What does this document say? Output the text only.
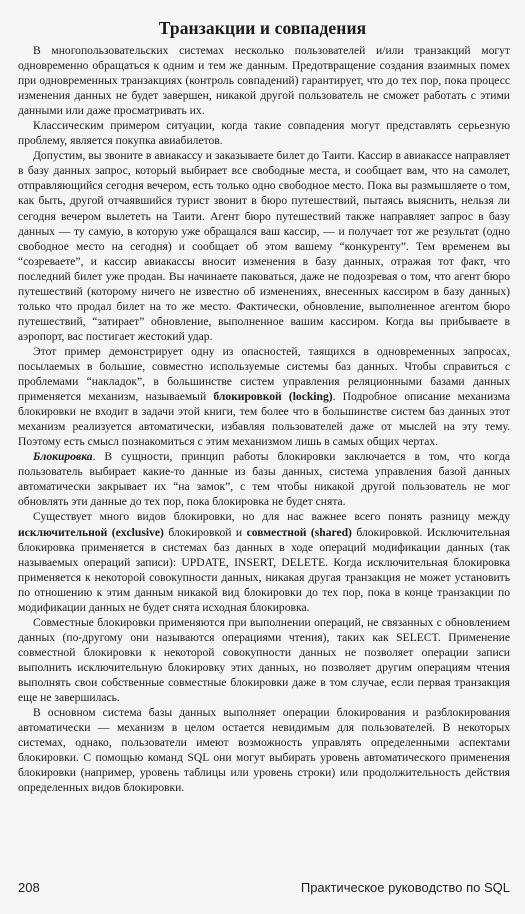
Транзакции и совпадения

В многопользовательских системах несколько пользователей и/или транзакций могут одновременно обращаться к одним и тем же данным. Предотвращение создания взаимных помех при одновременных транзакциях (контроль совпадений) гарантирует, что до тех пор, пока процесс изменения данных не будет завершен, никакой другой пользователь не сможет работать с этими данными или даже просматривать их.

Классическим примером ситуации, когда такие совпадения могут представлять серьезную проблему, является покупка авиабилетов.

Допустим, вы звоните в авиакассу и заказываете билет до Таити. Кассир в авиакассе направляет в базу данных запрос, который выбирает все свободные места, и сообщает вам, что на самолет, отправляющийся сегодня вечером, есть только одно свободное место. Пока вы размышляете о том, как быть, другой отчаявшийся турист звонит в бюро путешествий, пытаясь выяснить, нельзя ли сегодня вечером вылететь на Таити. Агент бюро путешествий также направляет запрос в базу данных — ту самую, в которую уже обращался ваш кассир, — и получает тот же результат (одно свободное место на сегодня) и сообщает об этом вашему “конкуренту”. Тем временем вы “созреваете”, и кассир авиакассы вносит изменения в базу данных, отражая тот факт, что последний билет уже продан. Вы начинаете паковаться, даже не подозревая о том, что агент бюро путешествий (которому ничего не известно об изменениях, внесенных кассиром в базу данных) только что продал билет на то же место. Фактически, обновление, выполненное агентом бюро путешествий, “затирает” обновление, выполненное вашим кассиром. Когда вы прибываете в аэропорт, вас постигает жестокий удар.

Этот пример демонстрирует одну из опасностей, таящихся в одновременных запросах, посылаемых в большие, совместно используемые системы баз данных. Чтобы справиться с проблемами “накладок”, в большинстве систем управления реляционными базами данных применяется механизм, называемый блокировкой (locking). Подробное описание механизма блокировки не входит в задачи этой книги, тем более что в большинстве систем баз данных этот механизм реализуется автоматически, избавляя пользователей даже от мыслей на эту тему. Поэтому есть смысл познакомиться с этим механизмом лишь в самых общих чертах.

Блокировка. В сущности, принцип работы блокировки заключается в том, что когда пользователь выбирает какие-то данные из базы данных, система управления базой данных автоматически закрывает их “на замок”, с тем чтобы никакой другой пользователь не мог обновлять эти данные до тех пор, пока блокировка не будет снята.

Существует много видов блокировки, но для нас важнее всего понять разницу между исключительной (exclusive) блокировкой и совместной (shared) блокировкой. Исключительная блокировка применяется в системах баз данных в ходе операций модификации данных (так называемых операций записи): UPDATE, INSERT, DELETE. Когда исключительная блокировка применяется к некоторой совокупности данных, никакая другая транзакция не может установить по отношению к этим данным никакой вид блокировки до тех пор, пока в конце транзакции по модификации данных не будет снята исходная блокировка.

Совместные блокировки применяются при выполнении операций, не связанных с обновлением данных (по-другому они называются операциями чтения), таких как SELECT. Применение совместной блокировки к некоторой совокупности данных не позволяет операции записи выполнить исключительную блокировку этих данных, но позволяет другим операциям чтения выполнять свои собственные совместные блокировки даже в том случае, если первая транзакция еще не завершилась.

В основном система базы данных выполняет операции блокирования и разблокирования автоматически — механизм в целом остается невидимым для пользователей. В некоторых системах, однако, пользователи имеют возможность управлять определенными аспектами блокировки. С помощью команд SQL они могут выбирать уровень автоматического применения блокировки (например, уровень таблицы или уровень строки) или продолжительность действия определенных видов блокировки.

208	Практическое руководство по SQL
